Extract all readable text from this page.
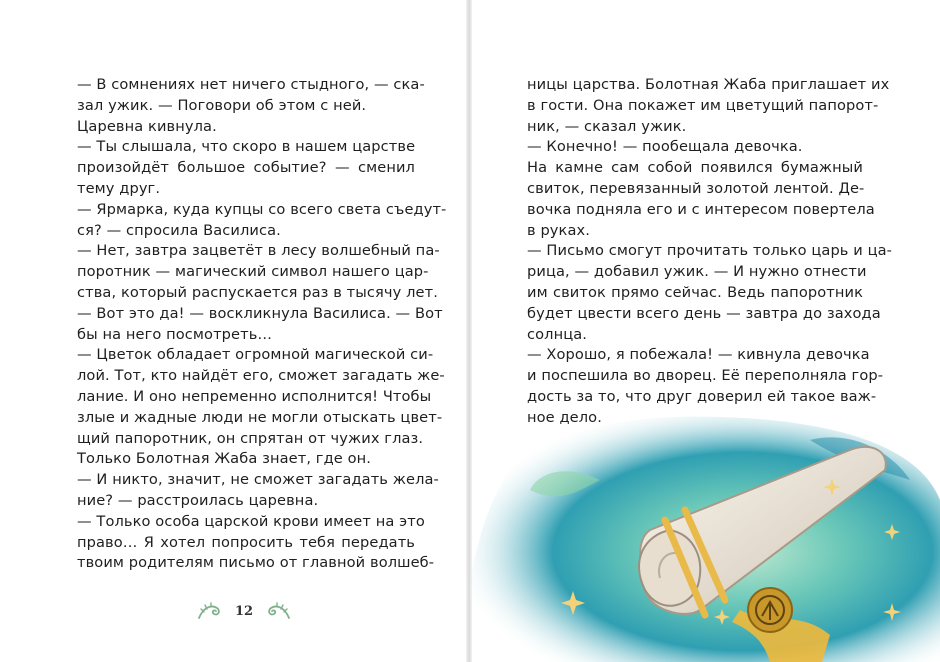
12
— В сомнениях нет ничего стыдного, — ска-
зал ужик. — Поговори об этом с ней.
Царевна кивнула.
— Ты слышала, что скоро в нашем царстве
произойдёт большое событие? — сменил
тему друг.
— Ярмарка, куда купцы со всего света съедут-
ся? — спросила Василиса.
— Нет, завтра зацветёт в лесу волшебный па-
поротник — магический символ нашего цар-
ства, который распускается раз в тысячу лет.
— Вот это да! — воскликнула Василиса. — Вот
бы на него посмотреть…
— Цветок обладает огромной магической си-
лой. Тот, кто найдёт его, сможет загадать же-
лание. И оно непременно исполнится! Чтобы
злые и жадные люди не могли отыскать цвет-
щий папоротник, он спрятан от чужих глаз.
Только Болотная Жаба знает, где он.
— И никто, значит, не сможет загадать жела-
ние? — расстроилась царевна.
— Только особа царской крови имеет на это
право… Я хотел попросить тебя передать
твоим родителям письмо от главной волшеб-
ницы царства. Болотная Жаба приглашает их
в гости. Она покажет им цветущий папорот-
ник, — сказал ужик.
— Конечно! — пообещала девочка.
На камне сам собой появился бумажный
свиток, перевязанный золотой лентой. Де-
вочка подняла его и с интересом повертела
в руках.
— Письмо смогут прочитать только царь и ца-
рица, — добавил ужик. — И нужно отнести
им свиток прямо сейчас. Ведь папоротник
будет цвести всего день — завтра до захода
солнца.
— Хорошо, я побежала! — кивнула девочка
и поспешила во дворец. Её переполняла гор-
дость за то, что друг доверил ей такое важ-
ное дело.
